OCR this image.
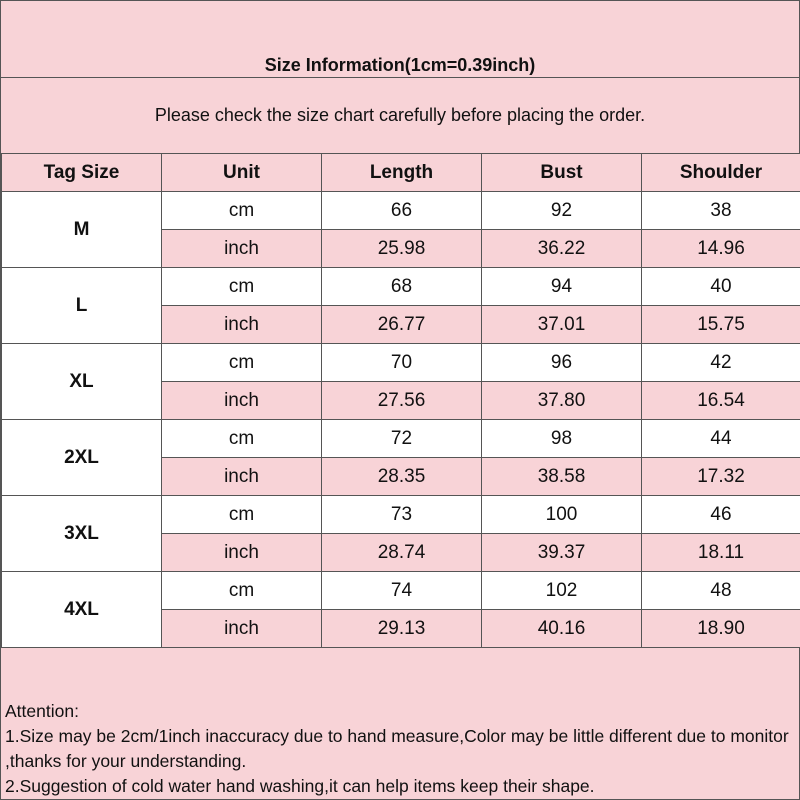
Size Information(1cm=0.39inch)
Please check the size chart carefully before placing the order.
Tag Size	Unit	Length	Bust	Shoulder
M	cm	66	92	38
	inch	25.98	36.22	14.96
L	cm	68	94	40
	inch	26.77	37.01	15.75
XL	cm	70	96	42
	inch	27.56	37.80	16.54
2XL	cm	72	98	44
	inch	28.35	38.58	17.32
3XL	cm	73	100	46
	inch	28.74	39.37	18.11
4XL	cm	74	102	48
	inch	29.13	40.16	18.90
Attention:
1.Size may be 2cm/1inch inaccuracy due to hand measure,Color may be little different due to monitor ,thanks for your understanding.
2.Suggestion of cold water hand washing,it can help items keep their shape.
